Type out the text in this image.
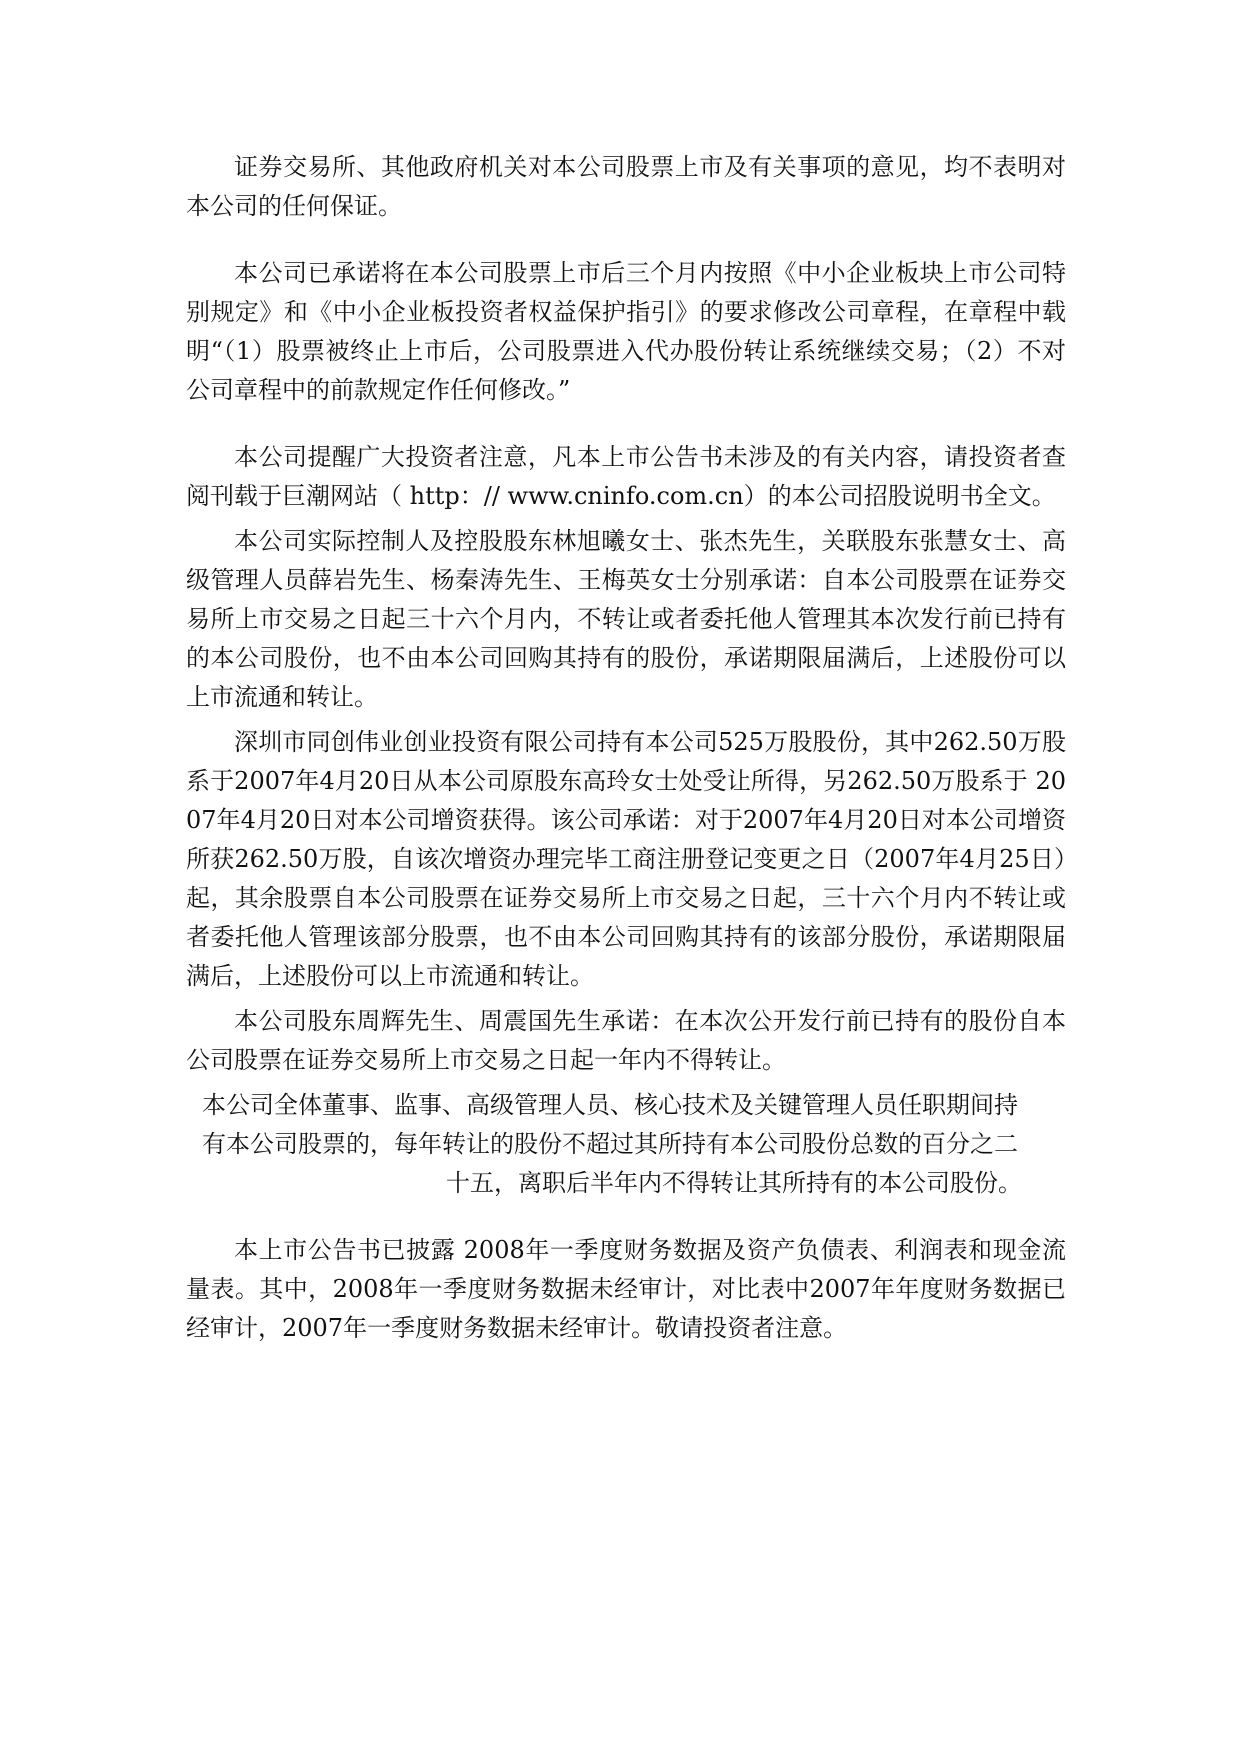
证券交易所、其他政府机关对本公司股票上市及有关事项的意见，均不表明对本公司的任何保证。

本公司已承诺将在本公司股票上市后三个月内按照《中小企业板块上市公司特别规定》和《中小企业板投资者权益保护指引》的要求修改公司章程，在章程中载明“（1）股票被终止上市后，公司股票进入代办股份转让系统继续交易；（2）不对公司章程中的前款规定作任何修改。”

本公司提醒广大投资者注意，凡本上市公告书未涉及的有关内容，请投资者查阅刊载于巨潮网站（ http：// www.cninfo.com.cn）的本公司招股说明书全文。

本公司实际控制人及控股股东林旭曦女士、张杰先生，关联股东张慧女士、高级管理人员薛岩先生、杨秦涛先生、王梅英女士分别承诺：自本公司股票在证券交易所上市交易之日起三十六个月内，不转让或者委托他人管理其本次发行前已持有的本公司股份，也不由本公司回购其持有的股份，承诺期限届满后，上述股份可以上市流通和转让。

深圳市同创伟业创业投资有限公司持有本公司525万股股份，其中262.50万股系于2007年4月20日从本公司原股东高玲女士处受让所得，另262.50万股系于 2007年4月20日对本公司增资获得。该公司承诺：对于2007年4月20日对本公司增资所获262.50万股，自该次增资办理完毕工商注册登记变更之日（2007年4月25日）起，其余股票自本公司股票在证券交易所上市交易之日起，三十六个月内不转让或者委托他人管理该部分股票，也不由本公司回购其持有的该部分股份，承诺期限届满后，上述股份可以上市流通和转让。

本公司股东周辉先生、周震国先生承诺：在本次公开发行前已持有的股份自本公司股票在证券交易所上市交易之日起一年内不得转让。

本公司全体董事、监事、高级管理人员、核心技术及关键管理人员任职期间持

有本公司股票的，每年转让的股份不超过其所持有本公司股份总数的百分之二

十五，离职后半年内不得转让其所持有的本公司股份。

本上市公告书已披露 2008年一季度财务数据及资产负债表、利润表和现金流量表。其中，2008年一季度财务数据未经审计，对比表中2007年年度财务数据已经审计，2007年一季度财务数据未经审计。敬请投资者注意。
